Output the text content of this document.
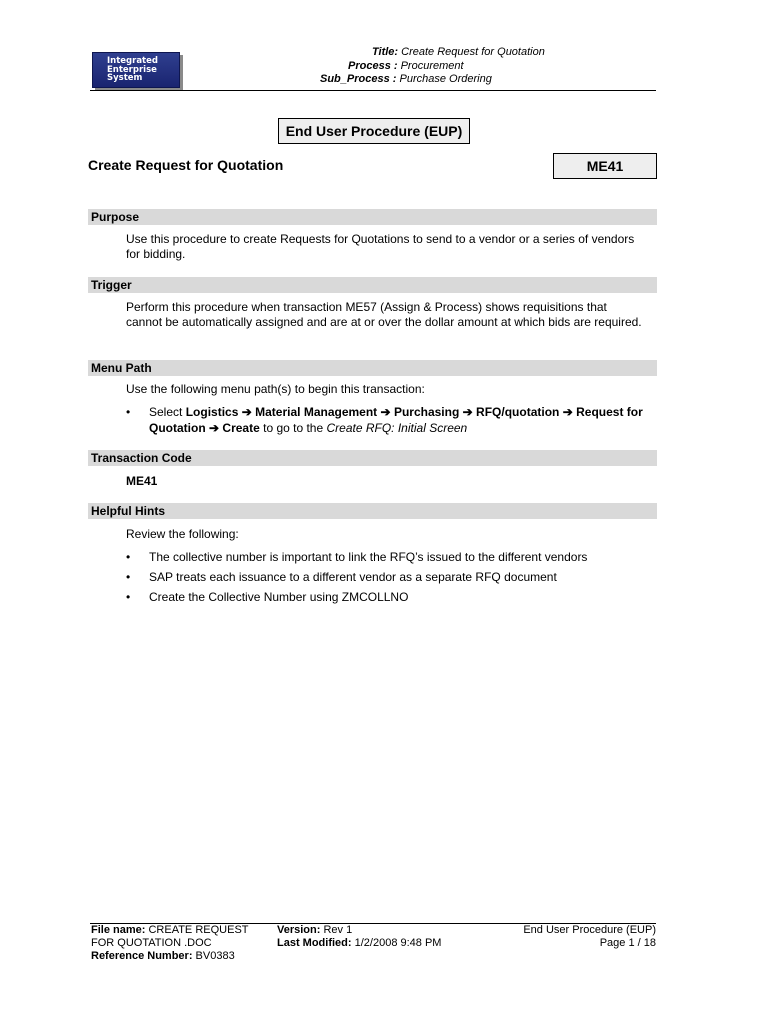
Integrated
Enterprise
System
Title: Create Request for Quotation
Process : Procurement
Sub_Process : Purchase Ordering
End User Procedure (EUP)
Create Request for Quotation	ME41
Purpose
Use this procedure to create Requests for Quotations to send to a vendor or a series of vendors for bidding.
Trigger
Perform this procedure when transaction ME57 (Assign & Process) shows requisitions that cannot be automatically assigned and are at or over the dollar amount at which bids are required.
Menu Path
Use the following menu path(s) to begin this transaction:
• Select Logistics ➔ Material Management ➔ Purchasing ➔ RFQ/quotation ➔ Request for Quotation ➔ Create to go to the Create RFQ: Initial Screen
Transaction Code
ME41
Helpful Hints
Review the following:
• The collective number is important to link the RFQ’s issued to the different vendors
• SAP treats each issuance to a different vendor as a separate RFQ document
• Create the Collective Number using ZMCOLLNO
File name: CREATE REQUEST
FOR QUOTATION .DOC
Reference Number: BV0383
Version: Rev 1
Last Modified: 1/2/2008 9:48 PM
End User Procedure (EUP)
Page 1 / 18
